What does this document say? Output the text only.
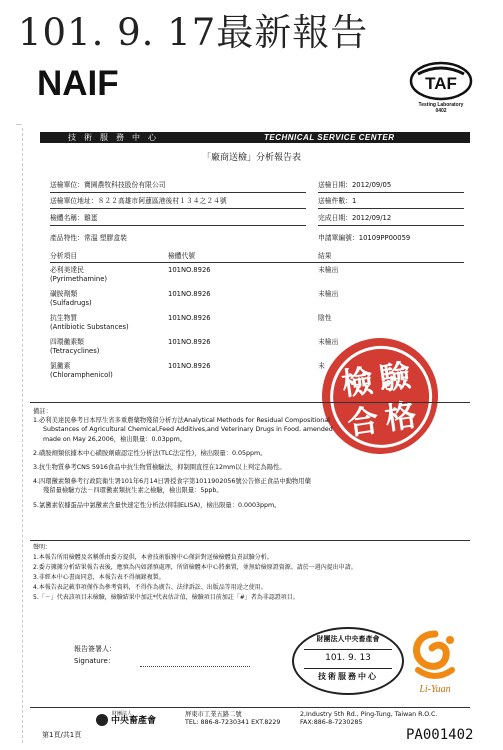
101. 9. 17最新報告
NAIF	TAF
Testing Laboratory
0402
技術服務中心	TECHNICAL SERVICE CENTER
「廠商送檢」分析報告表
送檢單位：寶園農牧科技股份有限公司	送檢日期：2012/09/05
送檢單位地址：８２２高雄市阿蓮區港後村１３４之２４號	送檢件數：1
檢體名稱：雞蛋	完成日期：2012/09/12
產品特性：常溫 塑膠盒裝	申請單編號：10109PP00059
分析項目	檢體代號	結果
必利美達民
(Pyrimethamine)
101NO.8926	未檢出
磺胺劑類
(Sulfadrugs)
101NO.8926	未檢出
抗生物質
(Antibiotic Substances)
101NO.8926	陰性
四環黴素類
(Tetracyclines)
101NO.8926	未檢出
氯黴素
(Chloramphenicol)
101NO.8926	未 檢 驗
合 格
備註：
1.必利美達民參考日本厚生省多重農藥物殘留分析方法Analytical Methods for Residual Compositional
Substances of Agricultural Chemical,Feed Additives,and Veterinary Drugs in Food. amended
made on May 26,2006，檢出限量：0.03ppm。
2.磺胺劑類依據本中心磺胺劑確認定性分析法(TLC法定性)，檢出限量：0.05ppm。
3.抗生物質參考CNS 5916食品中抗生物質檢驗法，抑制圈直徑在12mm以上判定為陽性。
4.四環黴素類參考行政院衛生署101年6月14日署授食字第1011902056號公告修正食品中動物用藥
殘留量檢驗方法－四環黴素類抗生素之檢驗，檢出限量：5ppb。
5.氯黴素依據蛋品中氯黴素含量快速定性分析法(抑制ELISA)，檢出限量：0.0003ppm。
聲明：
1.本報告所用檢體及名稱係由委方提供，本會技術服務中心僅針對送檢檢體負責試驗分析。
2.委方據據分析結果報告表後，應慎為內如謹慎處理，所留檢體本中心將棄置，並無給檢原證資源。請於一週內提出申請。
3.非經本中心書面同意，本報告表不得摘錄複製。
4.本報告表記載事項僅作為參考資料，不得作為廣告、法律訴訟、出版品等用途之使用。
5.「－」代表該項目未檢驗，檢驗結果中加註*代表估計值，檢驗項目前加註「#」者為非認證項目。
報告簽署人：
Signature：
財團法人中央畜產會
101. 9. 13
技術服務中心
Li-Yuan
財團法人
中央畜產會
屏東市工業五路二號
TEL: 886-8-7230341 EXT.8229
2,Industry 5th Rd., Ping-Tung, Taiwan R.O.C.
FAX:886-8-7230285
第1頁/共1頁	PA001402
